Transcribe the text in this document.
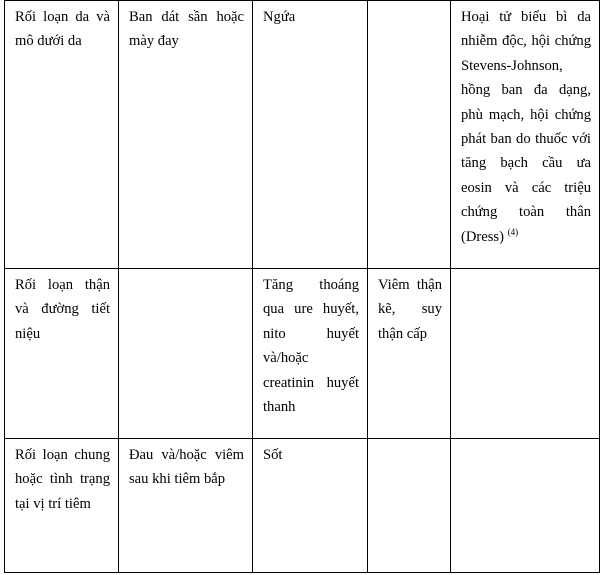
Rối loạn da và mô dưới da	Ban dát sần hoặc mày đay	Ngứa		Hoại tử biểu bì da nhiễm độc, hội chứng Stevens-Johnson, hồng ban đa dạng, phù mạch, hội chứng phát ban do thuốc với tăng bạch cầu ưa eosin và các triệu chứng toàn thân (Dress) $^{(4)}$
Rối loạn thận và đường tiết niệu		Tăng thoáng qua ure huyết, nito huyết và/hoặc creatinin huyết thanh	Viêm thận kẽ, suy thận cấp	
Rối loạn chung hoặc tình trạng tại vị trí tiêm	Đau và/hoặc viêm sau khi tiêm bắp	Sốt		
